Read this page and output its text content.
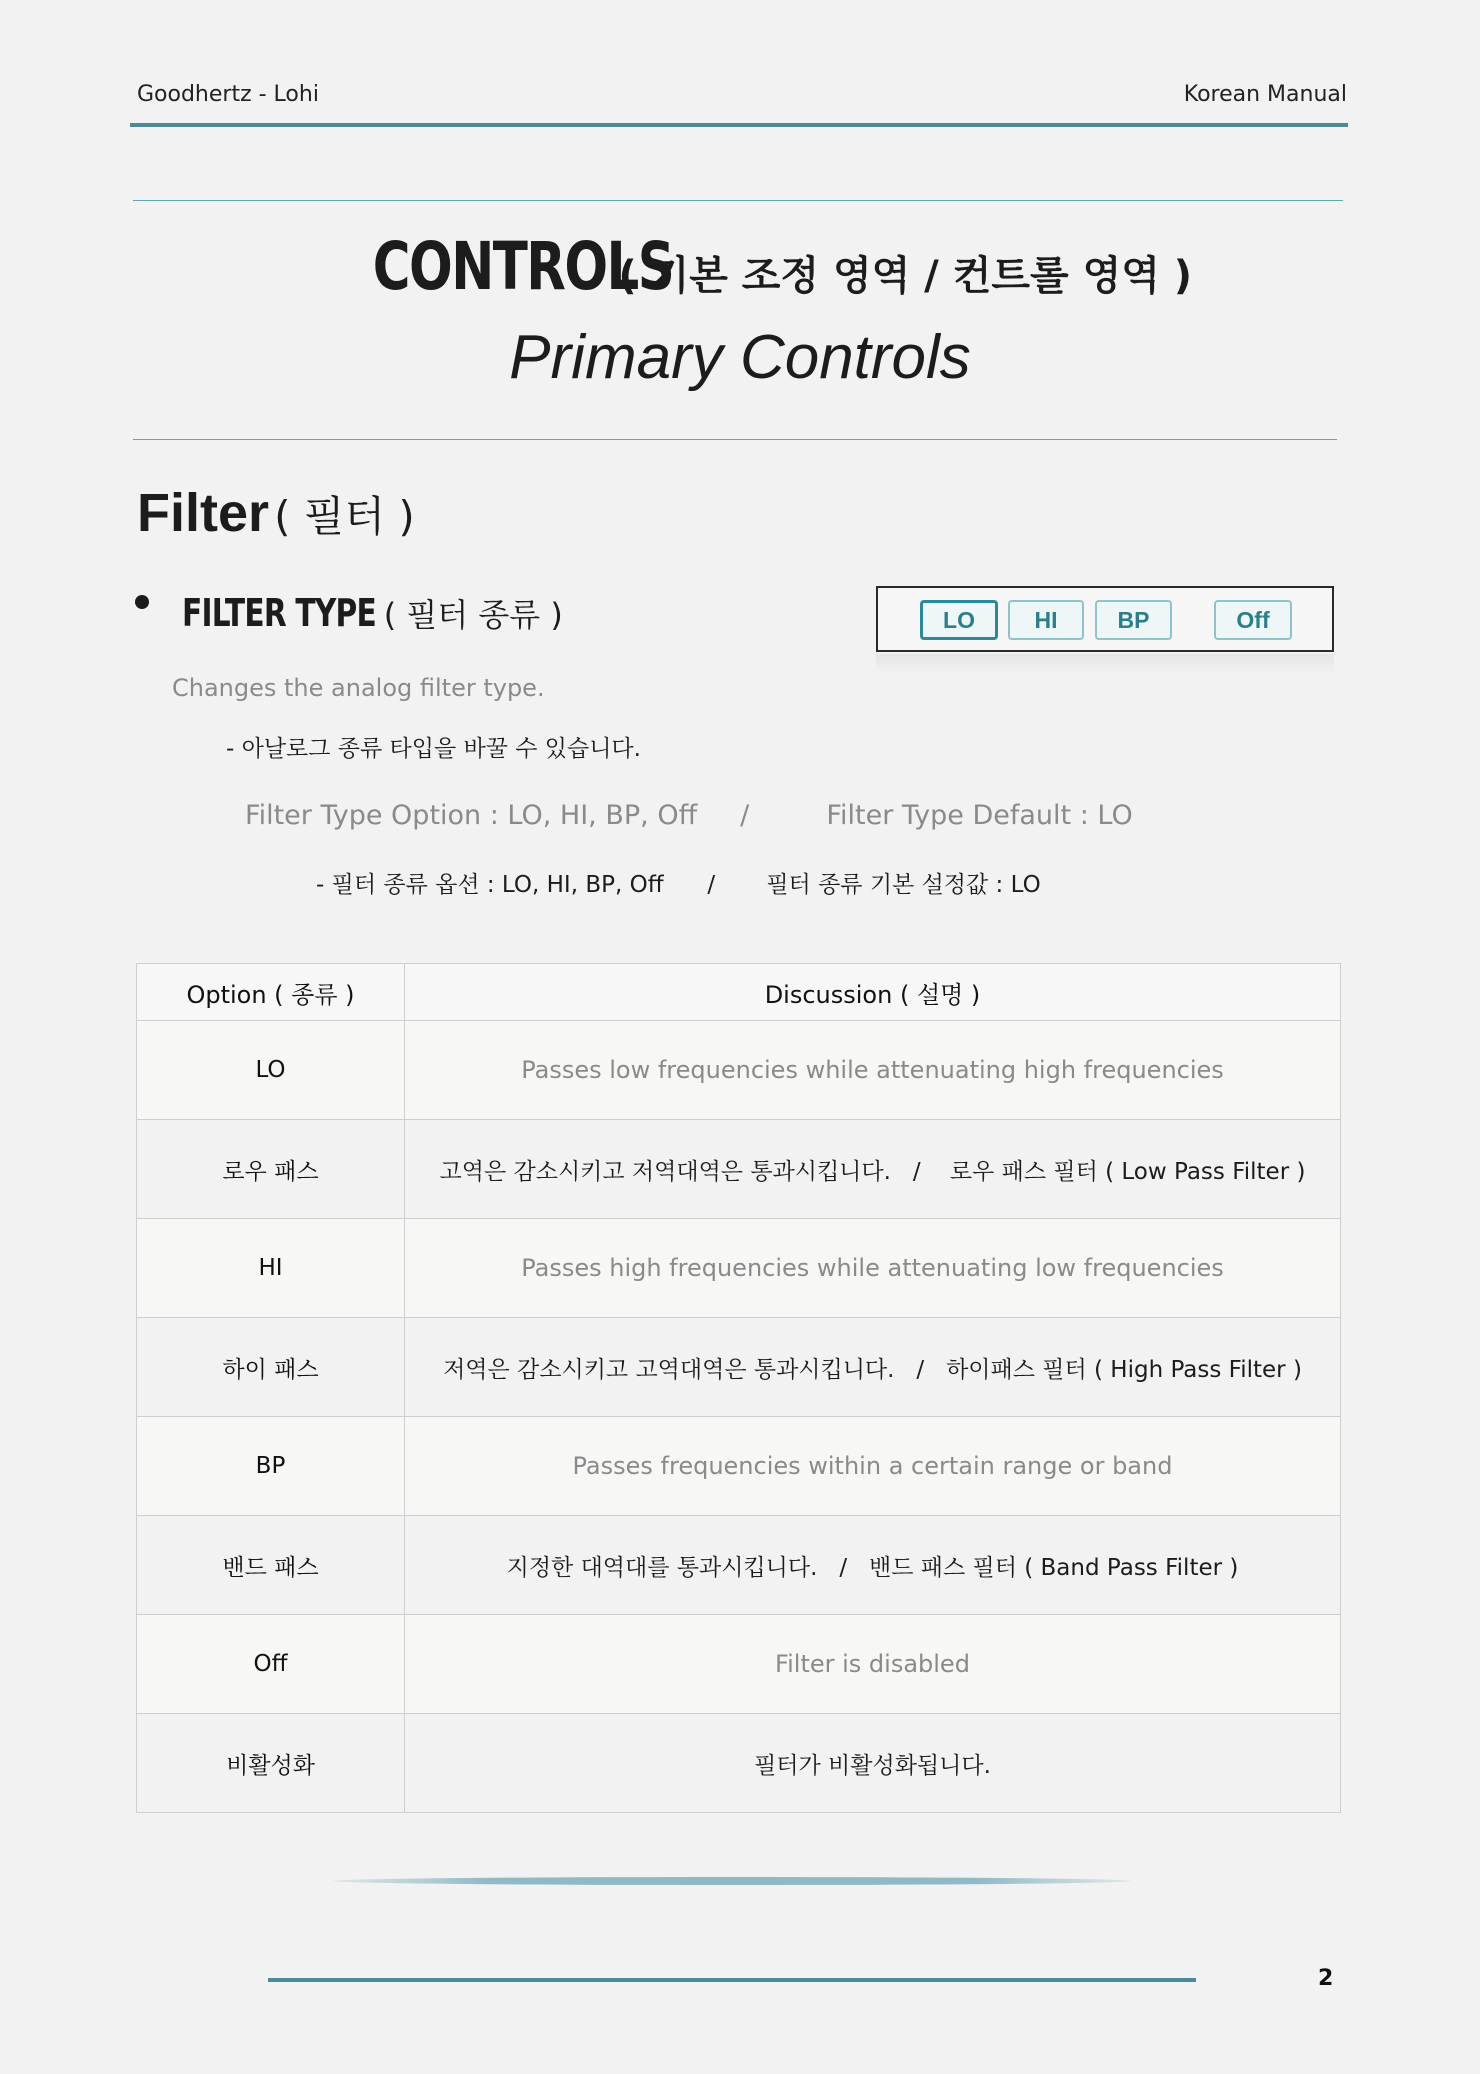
Goodhertz - Lohi	Korean Manual
CONTROLS ( 기본 조정 영역 / 컨트롤 영역 )
Primary Controls
Filter ( 필터 )
FILTER TYPE ( 필터 종류 )	LO	HI	BP	Off
Changes the analog filter type.
- 아날로그 종류 타입을 바꿀 수 있습니다.
Filter Type Option : LO, HI, BP, Off     /         Filter Type Default : LO
- 필터 종류 옵션 : LO, HI, BP, Off      /       필터 종류 기본 설정값 : LO
Option ( 종류 )	Discussion ( 설명 )
LO	Passes low frequencies while attenuating high frequencies
로우 패스	고역은 감소시키고 저역대역은 통과시킵니다.   /    로우 패스 필터 ( Low Pass Filter )
HI	Passes high frequencies while attenuating low frequencies
하이 패스	저역은 감소시키고 고역대역은 통과시킵니다.   /   하이패스 필터 ( High Pass Filter )
BP	Passes frequencies within a certain range or band
밴드 패스	지정한 대역대를 통과시킵니다.   /   밴드 패스 필터 ( Band Pass Filter )
Off	Filter is disabled
비활성화	필터가 비활성화됩니다.
2
